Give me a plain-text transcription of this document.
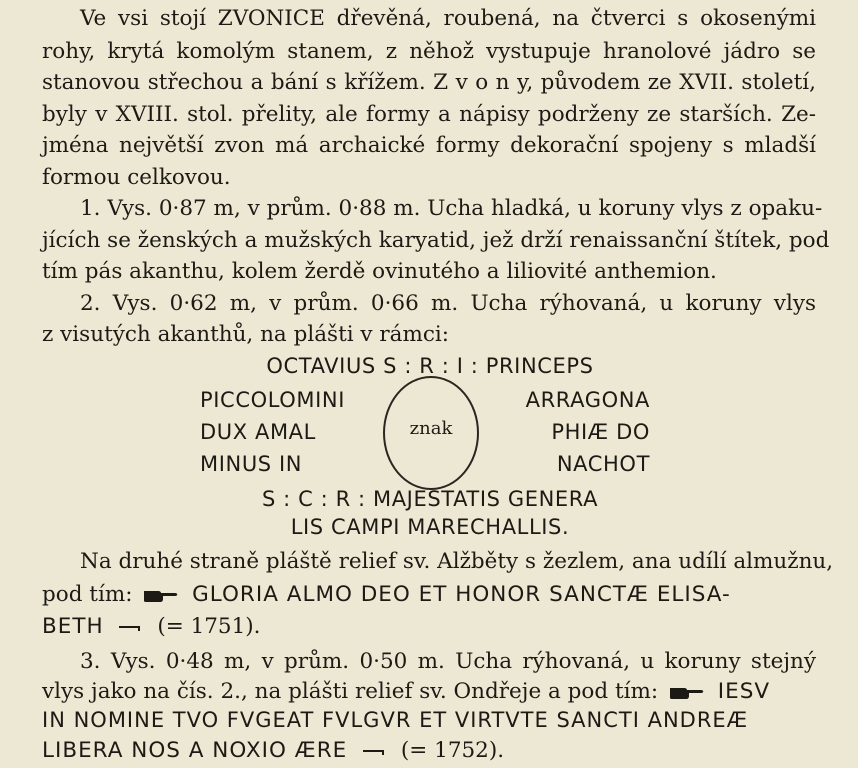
Ve vsi stojí ZVONICE dřevěná, roubená, na čtverci s okosenými
rohy, krytá komolým stanem, z něhož vystupuje hranolové jádro se
stanovou střechou a bání s křížem. Z v o n y, původem ze XVII. století,
byly v XVIII. stol. přelity, ale formy a nápisy podrženy ze starších. Ze-
jména největší zvon má archaické formy dekorační spojeny s mladší
formou celkovou.
1. Vys. 0·87 m, v prům. 0·88 m. Ucha hladká, u koruny vlys z opaku-
jících se ženských a mužských karyatid, jež drží renaissanční štítek, pod
tím pás akanthu, kolem žerdě ovinutého a liliovité anthemion.
2. Vys. 0·62 m, v prům. 0·66 m. Ucha rýhovaná, u koruny vlys
z visutých akanthů, na plášti v rámci:
OCTAVIUS S : R : I : PRINCEPS
PICCOLOMINI
DUX AMAL
MINUS IN
znak
ARRAGONA
PHIÆ DO
NACHOT
S : C : R : MAJESTATIS GENERA
LIS CAMPI MARECHALLIS.
Na druhé straně pláště relief sv. Alžběty s žezlem, ana udílí almužnu,
pod tím:	GLORIA ALMO DEO ET HONOR SANCTÆ ELISA-
BETH (= 1751).
3. Vys. 0·48 m, v prům. 0·50 m. Ucha rýhovaná, u koruny stejný
vlys jako na čís. 2., na plášti relief sv. Ondřeje a pod tím:	IESV
IN NOMINE TVO FVGEAT FVLGVR ET VIRTVTE SANCTI ANDREÆ
LIBERA NOS A NOXIO ÆRE (= 1752).
